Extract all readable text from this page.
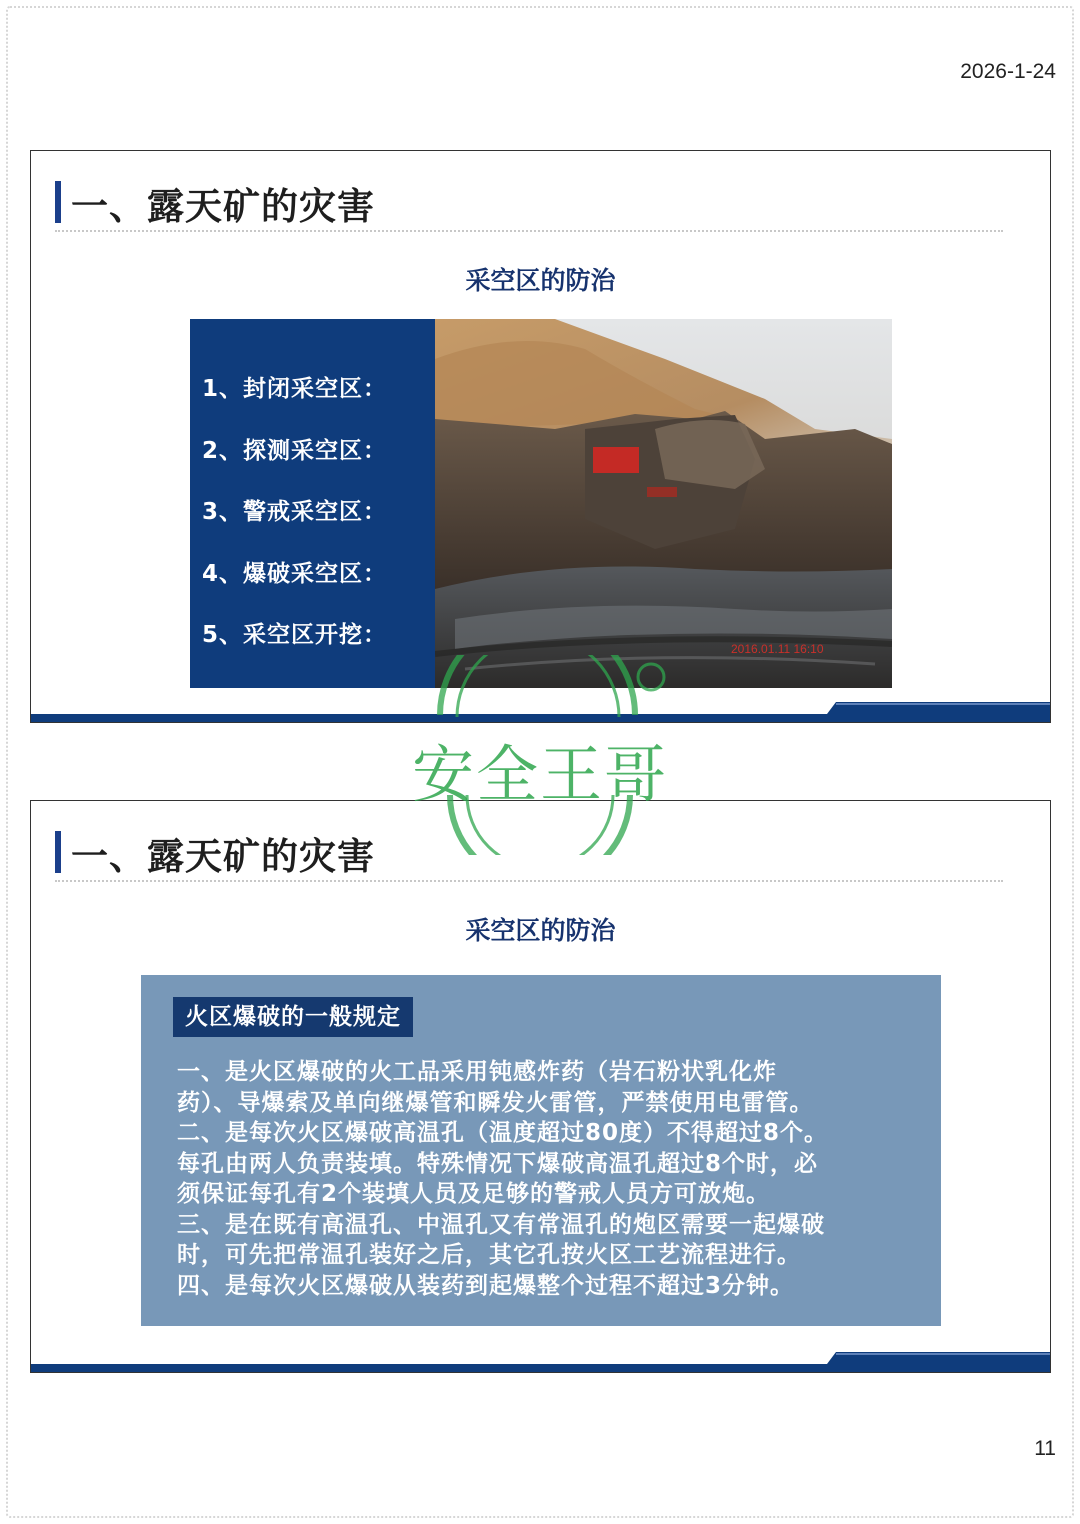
2026-1-24
一、露天矿的灾害
采空区的防治
1、封闭采空区：
2、探测采空区：
3、警戒采空区：
4、爆破采空区：
5、采空区开挖：
2016.01.11 16:10
一、露天矿的灾害
采空区的防治
火区爆破的一般规定
一、是火区爆破的火工品采用钝感炸药（岩石粉状乳化炸
药）、导爆索及单向继爆管和瞬发火雷管，严禁使用电雷管。
二、是每次火区爆破高温孔（温度超过80度）不得超过8个。
每孔由两人负责装填。特殊情况下爆破高温孔超过8个时，必
须保证每孔有2个装填人员及足够的警戒人员方可放炮。
三、是在既有高温孔、中温孔又有常温孔的炮区需要一起爆破
时，可先把常温孔装好之后，其它孔按火区工艺流程进行。
四、是每次火区爆破从装药到起爆整个过程不超过3分钟。
安全王哥
11
